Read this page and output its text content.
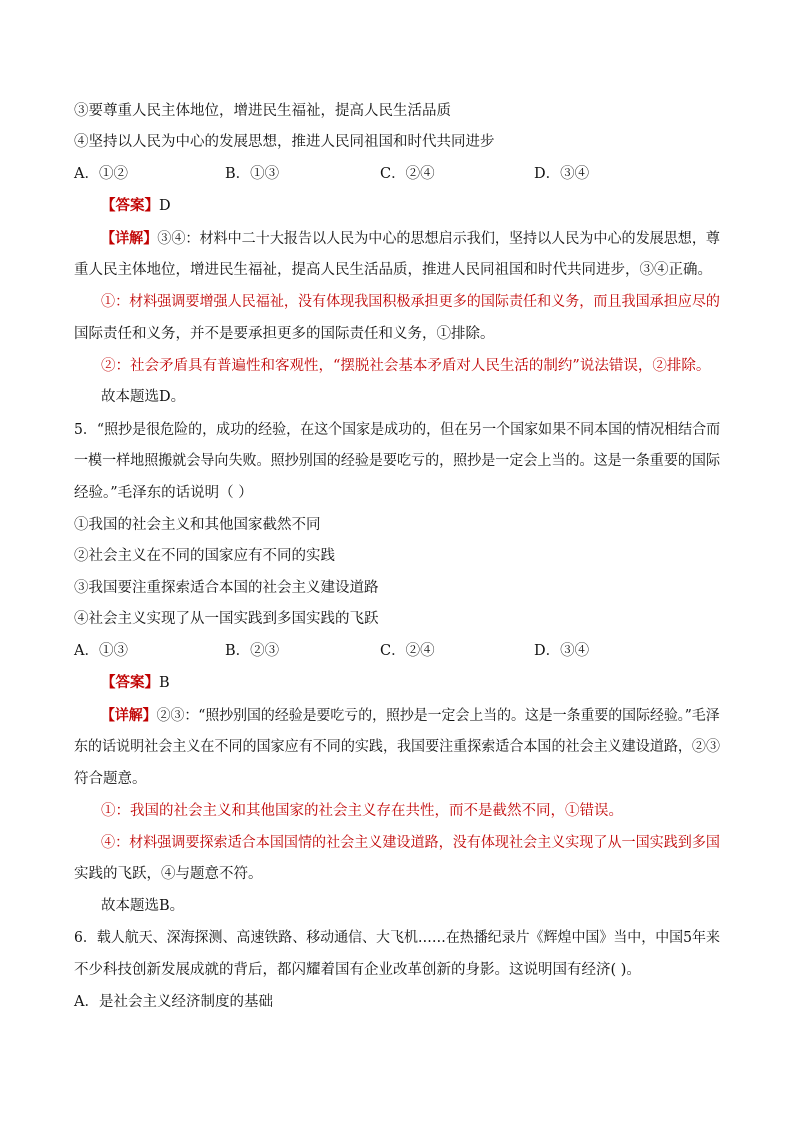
③要尊重人民主体地位，增进民生福祉，提高人民生活品质
④坚持以人民为中心的发展思想，推进人民同祖国和时代共同进步
A．①②	B．①③	C．②④	D．③④
【答案】D
【详解】③④：材料中二十大报告以人民为中心的思想启示我们，坚持以人民为中心的发展思想，尊
重人民主体地位，增进民生福祉，提高人民生活品质，推进人民同祖国和时代共同进步，③④正确。
①：材料强调要增强人民福祉，没有体现我国积极承担更多的国际责任和义务，而且我国承担应尽的
国际责任和义务，并不是要承担更多的国际责任和义务，①排除。
②：社会矛盾具有普遍性和客观性，“摆脱社会基本矛盾对人民生活的制约”说法错误，②排除。
故本题选D。
5．“照抄是很危险的，成功的经验，在这个国家是成功的，但在另一个国家如果不同本国的情况相结合而
一模一样地照搬就会导向失败。照抄别国的经验是要吃亏的，照抄是一定会上当的。这是一条重要的国际
经验。”毛泽东的话说明（ ）
①我国的社会主义和其他国家截然不同
②社会主义在不同的国家应有不同的实践
③我国要注重探索适合本国的社会主义建设道路
④社会主义实现了从一国实践到多国实践的飞跃
A．①③	B．②③	C．②④	D．③④
【答案】B
【详解】②③：“照抄别国的经验是要吃亏的，照抄是一定会上当的。这是一条重要的国际经验。”毛泽
东的话说明社会主义在不同的国家应有不同的实践，我国要注重探索适合本国的社会主义建设道路，②③
符合题意。
①：我国的社会主义和其他国家的社会主义存在共性，而不是截然不同，①错误。
④：材料强调要探索适合本国国情的社会主义建设道路，没有体现社会主义实现了从一国实践到多国
实践的飞跃，④与题意不符。
故本题选B。
6．载人航天、深海探测、高速铁路、移动通信、大飞机……在热播纪录片《辉煌中国》当中，中国5年来
不少科技创新发展成就的背后，都闪耀着国有企业改革创新的身影。这说明国有经济( )。
A．是社会主义经济制度的基础
